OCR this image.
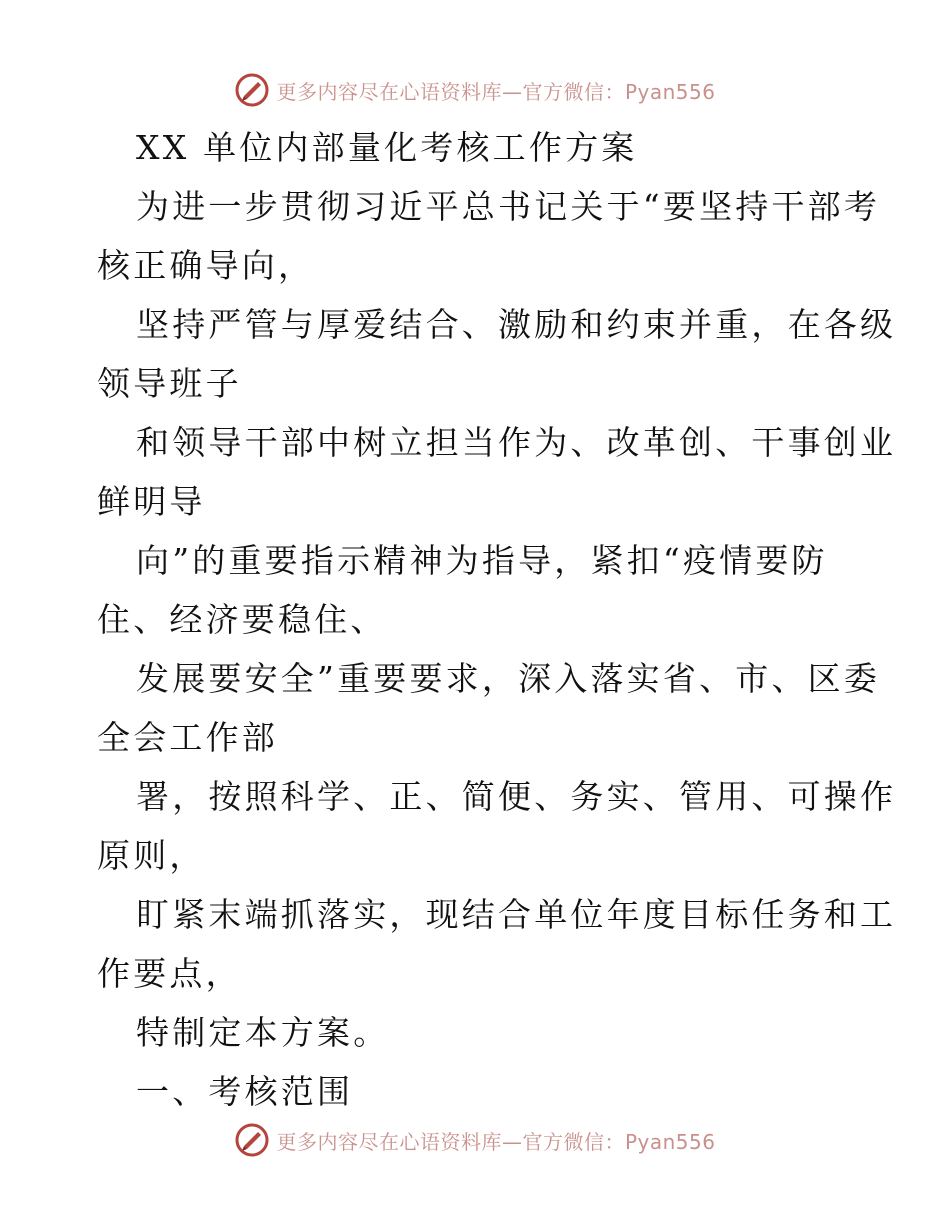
更多内容尽在心语资料库—官方微信：Pyan556
XX 单位内部量化考核工作方案
为进一步贯彻习近平总书记关于“要坚持干部考
核正确导向，
坚持严管与厚爱结合、激励和约束并重，在各级
领导班子
和领导干部中树立担当作为、改革创、干事创业
鲜明导
向”的重要指示精神为指导，紧扣“疫情要防
住、经济要稳住、
发展要安全”重要要求，深入落实省、市、区委
全会工作部
署，按照科学、正、简便、务实、管用、可操作
原则，
盯紧末端抓落实，现结合单位年度目标任务和工
作要点，
特制定本方案。
一、考核范围
更多内容尽在心语资料库—官方微信：Pyan556
